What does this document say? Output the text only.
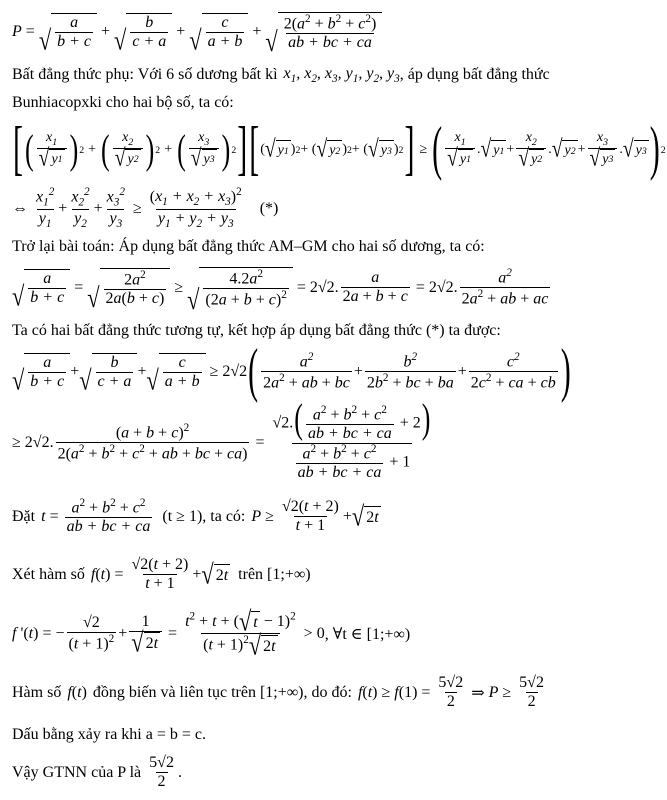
P = √ $\frac{a}{b + c}$ + √ $\frac{b}{c + a}$ + √ $\frac{c}{a + b}$ + √ $\frac{2(a^2 + b^2 + c^2)}{ab + bc + ca}$
Bất đẳng thức phụ: Với 6 số dương bất kì $x_1$, $x_2$, $x_3$, $y_1$, $y_2$, $y_3$ , áp dụng bất đẳng thức
Bunhiacopxki cho hai bộ số, ta có:
[ ( $\frac{x_1}{√ y 1}$ ) 2 + ( $\frac{x_2}{√ y 2}$ ) 2 + ( $\frac{x_3}{√ y 3}$ ) 2 ] [ ( √ y 1 ) 2 + ( √ y 2 ) 2 + ( √ y 3 ) 2 ] ≥ ( $\frac{x_1}{√ y 1}$ . √ y $1 + \frac{x_2}{√ y 2}$ . √ y $2 + \frac{x_3}{√ y 3}$ . √ y 3 ) 2
⇔ $\frac{x_1^2}{y_1} + \frac{x_2^2}{y_2} + \frac{x_3^2}{y_3} \ge \frac{(x_1 + x_2 + x_3)^2}{y_1 + y_2 + y_3}$ (*)
Trở lại bài toán: Áp dụng bất đẳng thức AM–GM cho hai số dương, ta có:
√ $\frac{a}{b + c}$ = √ $\frac{2a^2}{2a(b + c)}$ ≥ √ $\frac{4.2a^2}{(2a + b + c)^2} = 2√2$. $\frac{a}{2a + b + c} = 2√2$. $\frac{a^2}{2a^2 + ab + ac}$
Ta có hai bất đẳng thức tương tự, kết hợp áp dụng bất đẳng thức (*) ta được:
√ $\frac{a}{b + c}$ + √ $\frac{b}{c + a}$ + √ $\frac{c}{a + b} \ge 2√2$ ( $\frac{a^2}{2a^2 + ab + bc} + \frac{b^2}{2b^2 + bc + ba} + \frac{c^2}{2c^2 + ca + cb}$ )
≥ 2√2. $\frac{(a + b + c)^2}{2(a^2 + b^2 + c^2 + ab + bc + ca)} = \frac{√2.( \frac{a^2 + b^2 + c^2}{ab + bc + ca} + 2)}{\frac{a^2 + b^2 + c^2}{ab + bc + ca} + 1}$
Đặt $t = \frac{a^2 + b^2 + c^2}{ab + bc + ca} (t \ge 1)$ , ta có: $P \ge \frac{√2(t + 2)}{t + 1}$ + √ 2 t
Xét hàm số f ( t ) = $\frac{√2(t + 2)}{t + 1}$ + √ 2 t trên [1;+∞)
f '( t ) = − $\frac{√2}{(t + 1)^2} + \frac{1}{√ 2 t} = \frac{t^2 + t + ( √ t - 1)^2}{(t + 1)^2 √ 2 t} > 0$ , ∀t ∈ [1;+∞)
Hàm số f ( t ) đồng biến và liên tục trên [1;+∞), do đó: f ( t ) ≥ f $(1) = \frac{5√2}{2}$ ⇒ $P \ge \frac{5√2}{2}$
Dấu bằng xảy ra khi a = b = c.
Vậy GTNN của P là $\frac{5√2}{2}$ .
